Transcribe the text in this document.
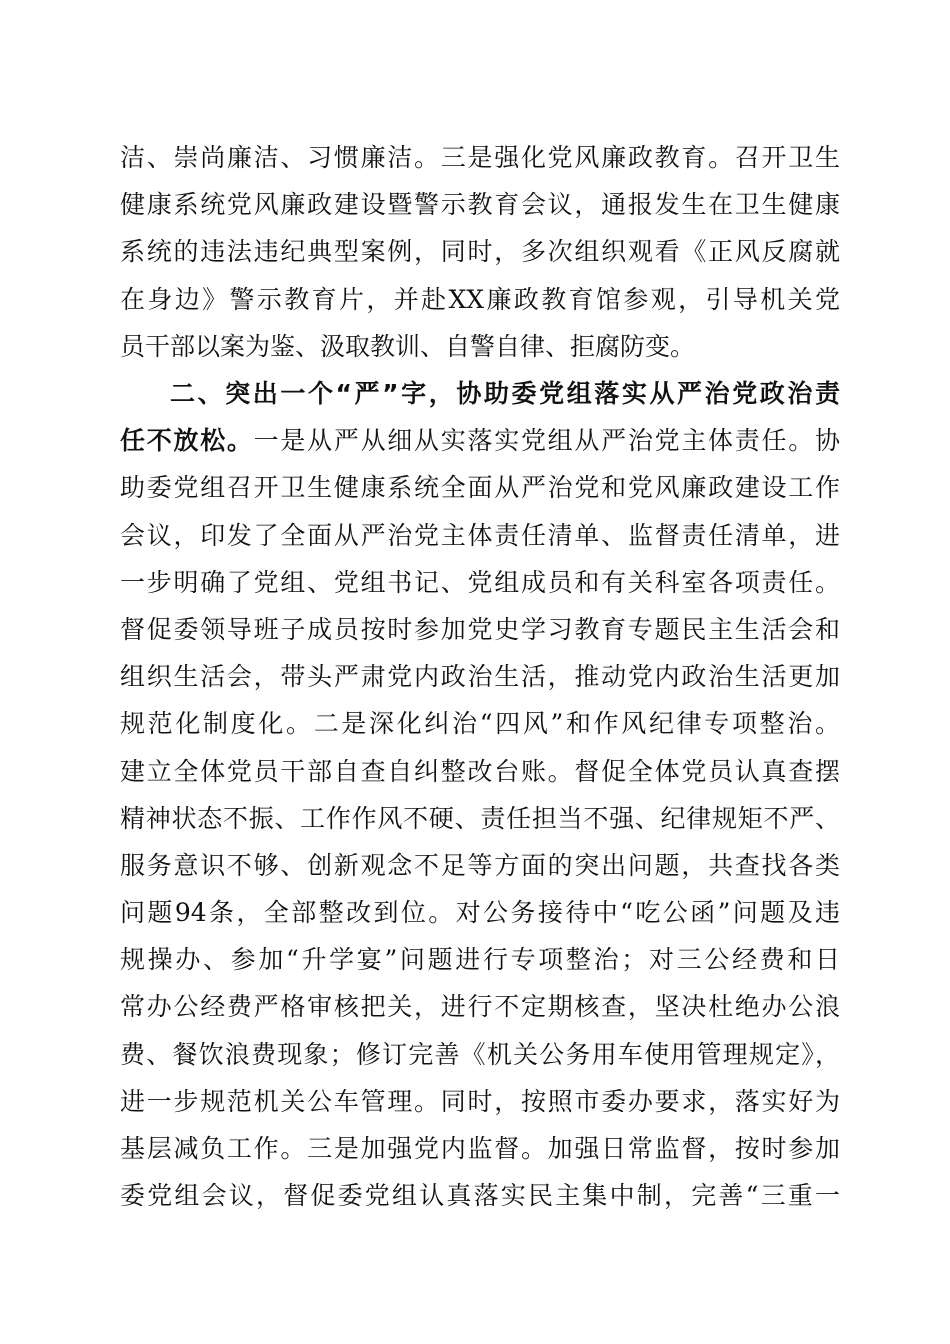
洁、崇尚廉洁、习惯廉洁。三是强化党风廉政教育。召开卫生
健康系统党风廉政建设暨警示教育会议，通报发生在卫生健康
系统的违法违纪典型案例，同时，多次组织观看《正风反腐就
在身边》警示教育片，并赴XX廉政教育馆参观，引导机关党
员干部以案为鉴、汲取教训、自警自律、拒腐防变。
二、突出一个“严”字，协助委党组落实从严治党政治责
任不放松。一是从严从细从实落实党组从严治党主体责任。协
助委党组召开卫生健康系统全面从严治党和党风廉政建设工作
会议，印发了全面从严治党主体责任清单、监督责任清单，进
一步明确了党组、党组书记、党组成员和有关科室各项责任。
督促委领导班子成员按时参加党史学习教育专题民主生活会和
组织生活会，带头严肃党内政治生活，推动党内政治生活更加
规范化制度化。二是深化纠治“四风”和作风纪律专项整治。
建立全体党员干部自查自纠整改台账。督促全体党员认真查摆
精神状态不振、工作作风不硬、责任担当不强、纪律规矩不严、
服务意识不够、创新观念不足等方面的突出问题，共查找各类
问题94条，全部整改到位。对公务接待中“吃公函”问题及违
规操办、参加“升学宴”问题进行专项整治；对三公经费和日
常办公经费严格审核把关，进行不定期核查，坚决杜绝办公浪
费、餐饮浪费现象；修订完善《机关公务用车使用管理规定》，
进一步规范机关公车管理。同时，按照市委办要求，落实好为
基层减负工作。三是加强党内监督。加强日常监督，按时参加
委党组会议，督促委党组认真落实民主集中制，完善“三重一
